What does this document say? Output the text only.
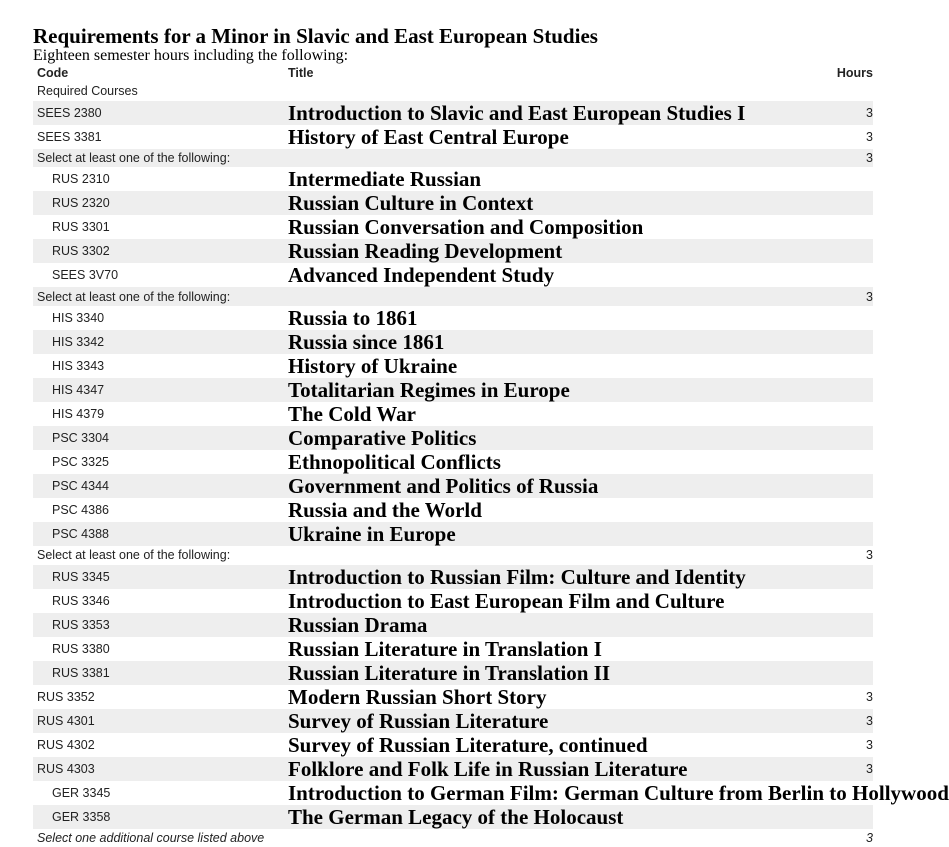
Requirements for a Minor in Slavic and East European Studies

Eighteen semester hours including the following:

Code	Title	Hours
Required Courses		
SEES 2380	Introduction to Slavic and East European Studies I	3
SEES 3381	History of East Central Europe	3
Select at least one of the following:		3
RUS 2310	Intermediate Russian	
RUS 2320	Russian Culture in Context	
RUS 3301	Russian Conversation and Composition	
RUS 3302	Russian Reading Development	
SEES 3V70	Advanced Independent Study	
Select at least one of the following:		3
HIS 3340	Russia to 1861	
HIS 3342	Russia since 1861	
HIS 3343	History of Ukraine	
HIS 4347	Totalitarian Regimes in Europe	
HIS 4379	The Cold War	
PSC 3304	Comparative Politics	
PSC 3325	Ethnopolitical Conflicts	
PSC 4344	Government and Politics of Russia	
PSC 4386	Russia and the World	
PSC 4388	Ukraine in Europe	
Select at least one of the following:		3
RUS 3345	Introduction to Russian Film: Culture and Identity	
RUS 3346	Introduction to East European Film and Culture	
RUS 3353	Russian Drama	
RUS 3380	Russian Literature in Translation I	
RUS 3381	Russian Literature in Translation II	
RUS 3352	Modern Russian Short Story	3
RUS 4301	Survey of Russian Literature	3
RUS 4302	Survey of Russian Literature, continued	3
RUS 4303	Folklore and Folk Life in Russian Literature	3
GER 3345	Introduction to German Film: German Culture from Berlin to Hollywood	
GER 3358	The German Legacy of the Holocaust	
Select one additional course listed above		3
